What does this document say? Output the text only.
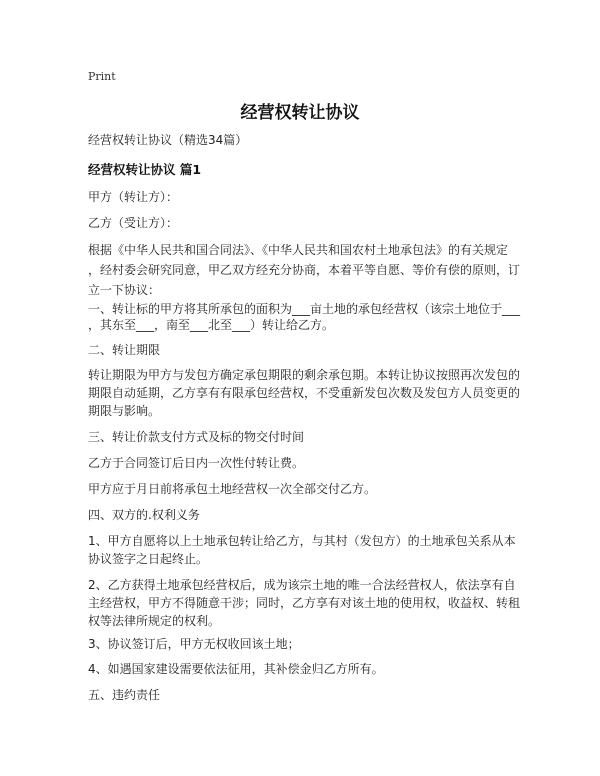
Print
经营权转让协议
经营权转让协议（精选34篇）
经营权转让协议 篇1
甲方（转让方）：
乙方（受让方）：
根据《中华人民共和国合同法》、《中华人民共和国农村土地承包法》的有关规定
，经村委会研究同意，甲乙双方经充分协商，本着平等自愿、等价有偿的原则，订
立一下协议：
一、转让标的甲方将其所承包的面积为___亩土地的承包经营权（该宗土地位于___
，其东至___，南至___北至___）转让给乙方。
二、转让期限
转让期限为甲方与发包方确定承包期限的剩余承包期。本转让协议按照再次发包的
期限自动延期，乙方享有有限承包经营权，不受重新发包次数及发包方人员变更的
期限与影响。
三、转让价款支付方式及标的物交付时间
乙方于合同签订后日内一次性付转让费。
甲方应于月日前将承包土地经营权一次全部交付乙方。
四、双方的.权利义务
1、甲方自愿将以上土地承包转让给乙方，与其村（发包方）的土地承包关系从本
协议签字之日起终止。
2、乙方获得土地承包经营权后，成为该宗土地的唯一合法经营权人，依法享有自
主经营权，甲方不得随意干涉；同时，乙方享有对该土地的使用权，收益权、转租
权等法律所规定的权利。
3、协议签订后，甲方无权收回该土地；
4、如遇国家建设需要依法征用，其补偿金归乙方所有。
五、违约责任
